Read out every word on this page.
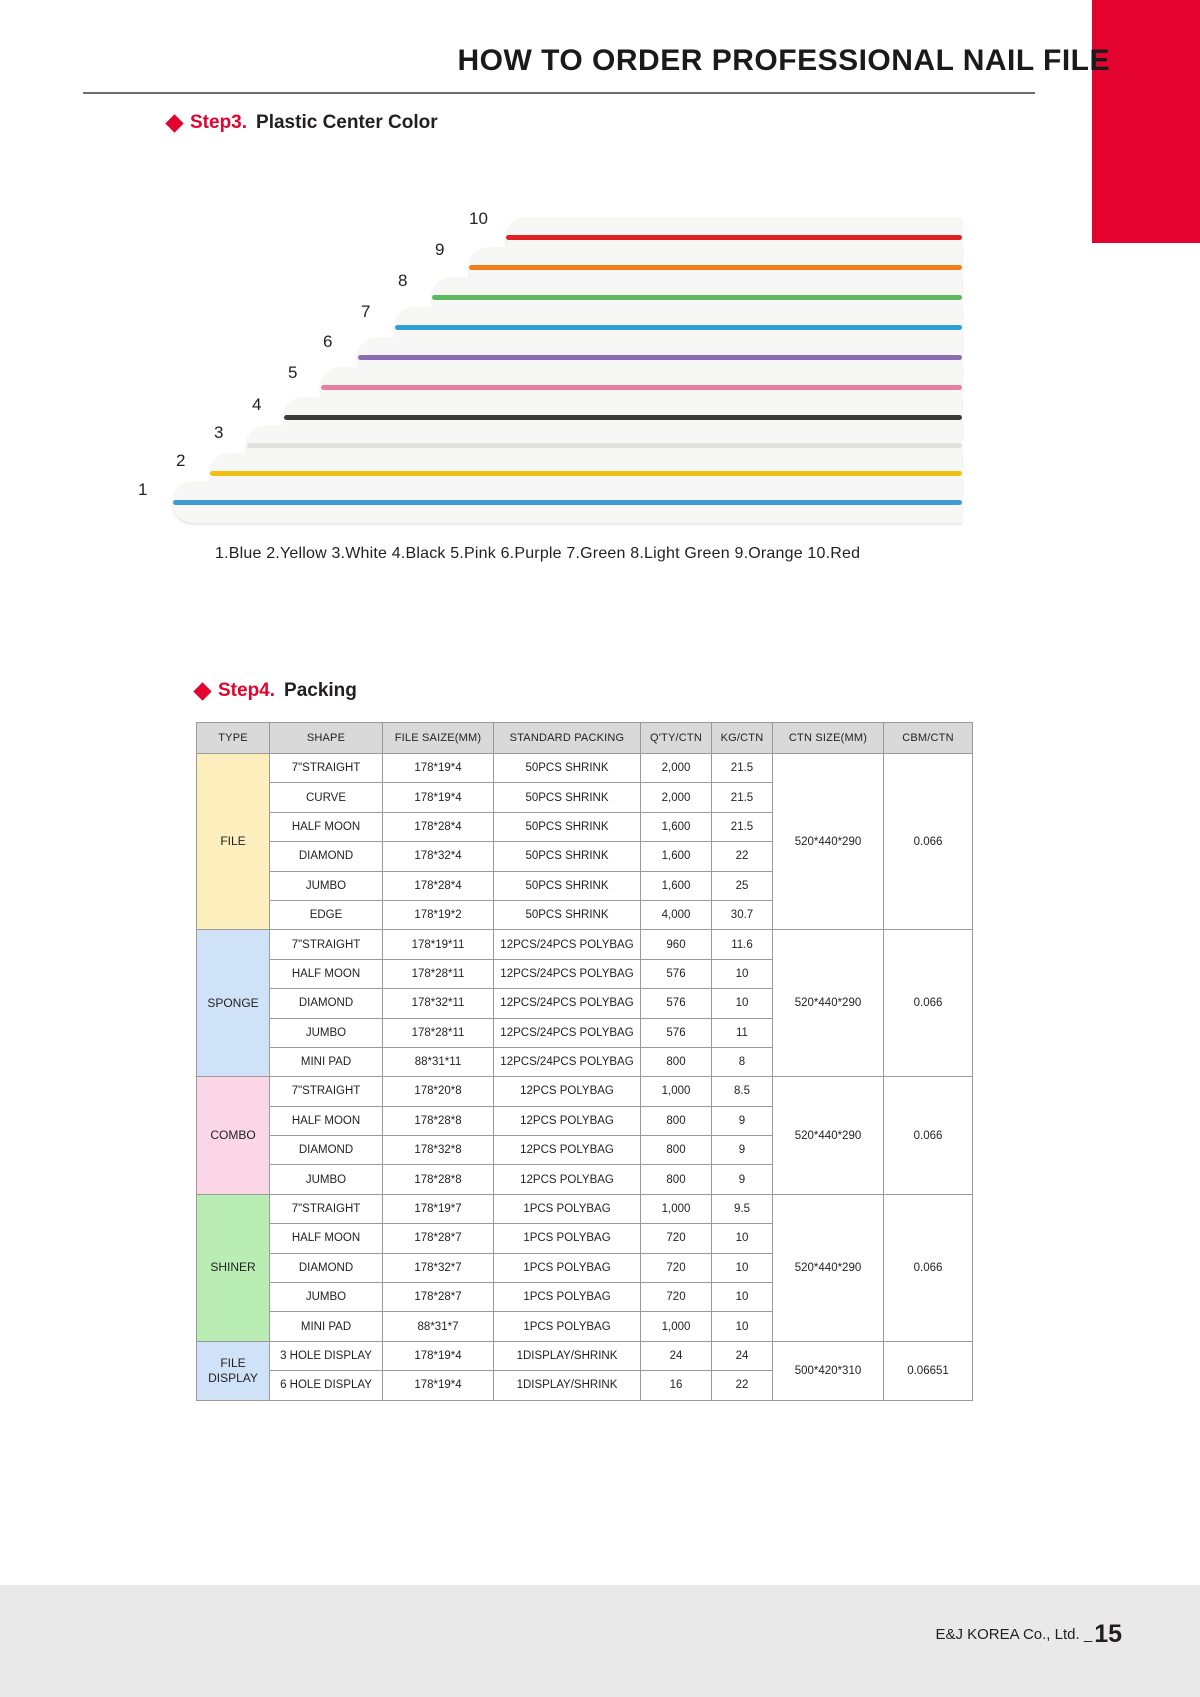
HOW TO ORDER PROFESSIONAL NAIL FILE
Step3. Plastic Center Color
1
2
3
4
5
6
7
8
9
10
1.Blue 2.Yellow 3.White 4.Black 5.Pink 6.Purple 7.Green 8.Light Green 9.Orange 10.Red
Step4. Packing
TYPE	SHAPE	FILE SAIZE(MM)	STANDARD PACKING	Q'TY/CTN	KG/CTN	CTN SIZE(MM)	CBM/CTN
FILE	7"STRAIGHT	178*19*4	50PCS SHRINK	2,000	21.5	520*440*290	0.066
	CURVE	178*19*4	50PCS SHRINK	2,000	21.5		
	HALF MOON	178*28*4	50PCS SHRINK	1,600	21.5		
	DIAMOND	178*32*4	50PCS SHRINK	1,600	22		
	JUMBO	178*28*4	50PCS SHRINK	1,600	25		
	EDGE	178*19*2	50PCS SHRINK	4,000	30.7		
SPONGE	7"STRAIGHT	178*19*11	12PCS/24PCS POLYBAG	960	11.6	520*440*290	0.066
	HALF MOON	178*28*11	12PCS/24PCS POLYBAG	576	10		
	DIAMOND	178*32*11	12PCS/24PCS POLYBAG	576	10		
	JUMBO	178*28*11	12PCS/24PCS POLYBAG	576	11		
	MINI PAD	88*31*11	12PCS/24PCS POLYBAG	800	8		
COMBO	7"STRAIGHT	178*20*8	12PCS POLYBAG	1,000	8.5	520*440*290	0.066
	HALF MOON	178*28*8	12PCS POLYBAG	800	9		
	DIAMOND	178*32*8	12PCS POLYBAG	800	9		
	JUMBO	178*28*8	12PCS POLYBAG	800	9		
SHINER	7"STRAIGHT	178*19*7	1PCS POLYBAG	1,000	9.5	520*440*290	0.066
	HALF MOON	178*28*7	1PCS POLYBAG	720	10		
	DIAMOND	178*32*7	1PCS POLYBAG	720	10		
	JUMBO	178*28*7	1PCS POLYBAG	720	10		
	MINI PAD	88*31*7	1PCS POLYBAG	1,000	10		

FILE
DISPLAY	3 HOLE DISPLAY	178*19*4	1DISPLAY/SHRINK	24	24	500*420*310	0.06651
	6 HOLE DISPLAY	178*19*4	1DISPLAY/SHRINK	16	22		
E&J KOREA Co., Ltd. _15
